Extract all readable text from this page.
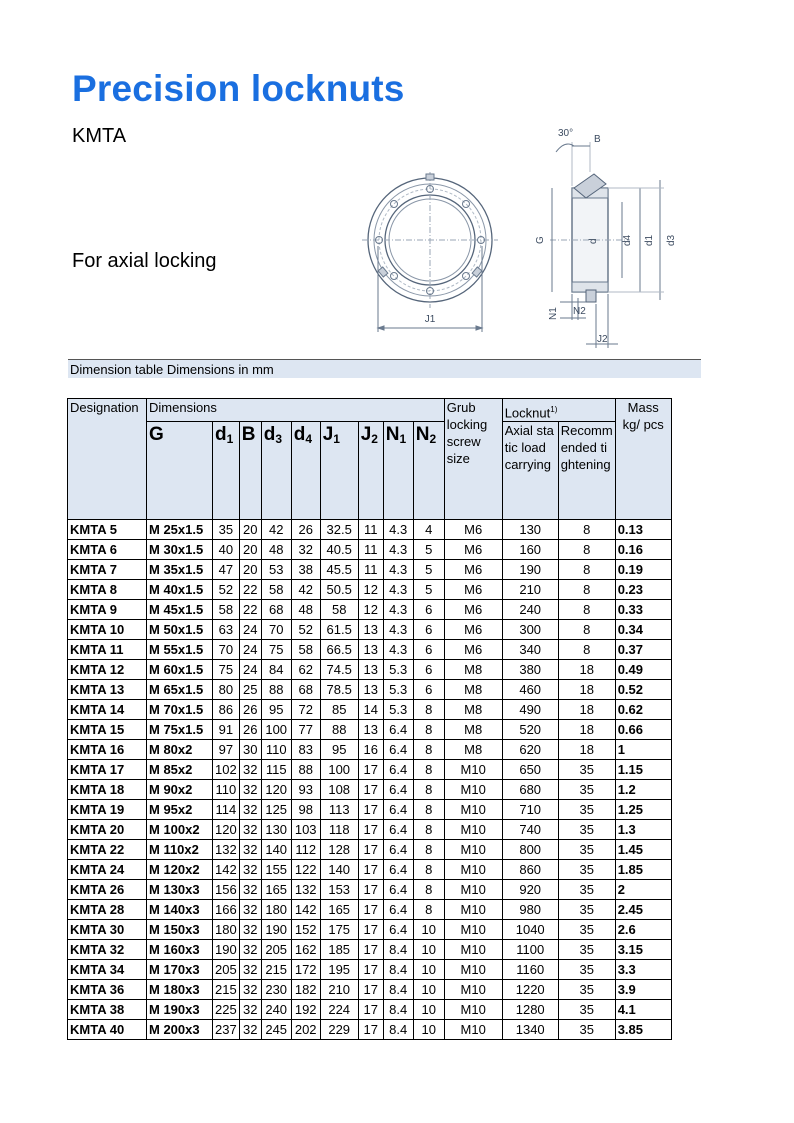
Precision locknuts
KMTA
For axial locking
J1
30°
B
G	d d4 d1 d3
N1 N2
J2
Dimension table Dimensions in mm
Designation	Dimensions									Grub locking screw size	Locknut$^{1)}$		Mass kg/ pcs
	G	$d_1$	B	$d_3$	$d_4$	$J_1$	$J_2$	$N_1$	$N_2$		Axial static load carrying	Recommended tightening	
KMTA 5	M 25x1.5	35	20	42	26	32.5	11	4.3	4	M6	130	8	0.13
KMTA 6	M 30x1.5	40	20	48	32	40.5	11	4.3	5	M6	160	8	0.16
KMTA 7	M 35x1.5	47	20	53	38	45.5	11	4.3	5	M6	190	8	0.19
KMTA 8	M 40x1.5	52	22	58	42	50.5	12	4.3	5	M6	210	8	0.23
KMTA 9	M 45x1.5	58	22	68	48	58	12	4.3	6	M6	240	8	0.33
KMTA 10	M 50x1.5	63	24	70	52	61.5	13	4.3	6	M6	300	8	0.34
KMTA 11	M 55x1.5	70	24	75	58	66.5	13	4.3	6	M6	340	8	0.37
KMTA 12	M 60x1.5	75	24	84	62	74.5	13	5.3	6	M8	380	18	0.49
KMTA 13	M 65x1.5	80	25	88	68	78.5	13	5.3	6	M8	460	18	0.52
KMTA 14	M 70x1.5	86	26	95	72	85	14	5.3	8	M8	490	18	0.62
KMTA 15	M 75x1.5	91	26	100	77	88	13	6.4	8	M8	520	18	0.66
KMTA 16	M 80x2	97	30	110	83	95	16	6.4	8	M8	620	18	1
KMTA 17	M 85x2	102	32	115	88	100	17	6.4	8	M10	650	35	1.15
KMTA 18	M 90x2	110	32	120	93	108	17	6.4	8	M10	680	35	1.2
KMTA 19	M 95x2	114	32	125	98	113	17	6.4	8	M10	710	35	1.25
KMTA 20	M 100x2	120	32	130	103	118	17	6.4	8	M10	740	35	1.3
KMTA 22	M 110x2	132	32	140	112	128	17	6.4	8	M10	800	35	1.45
KMTA 24	M 120x2	142	32	155	122	140	17	6.4	8	M10	860	35	1.85
KMTA 26	M 130x3	156	32	165	132	153	17	6.4	8	M10	920	35	2
KMTA 28	M 140x3	166	32	180	142	165	17	6.4	8	M10	980	35	2.45
KMTA 30	M 150x3	180	32	190	152	175	17	6.4	10	M10	1040	35	2.6
KMTA 32	M 160x3	190	32	205	162	185	17	8.4	10	M10	1100	35	3.15
KMTA 34	M 170x3	205	32	215	172	195	17	8.4	10	M10	1160	35	3.3
KMTA 36	M 180x3	215	32	230	182	210	17	8.4	10	M10	1220	35	3.9
KMTA 38	M 190x3	225	32	240	192	224	17	8.4	10	M10	1280	35	4.1
KMTA 40	M 200x3	237	32	245	202	229	17	8.4	10	M10	1340	35	3.85
